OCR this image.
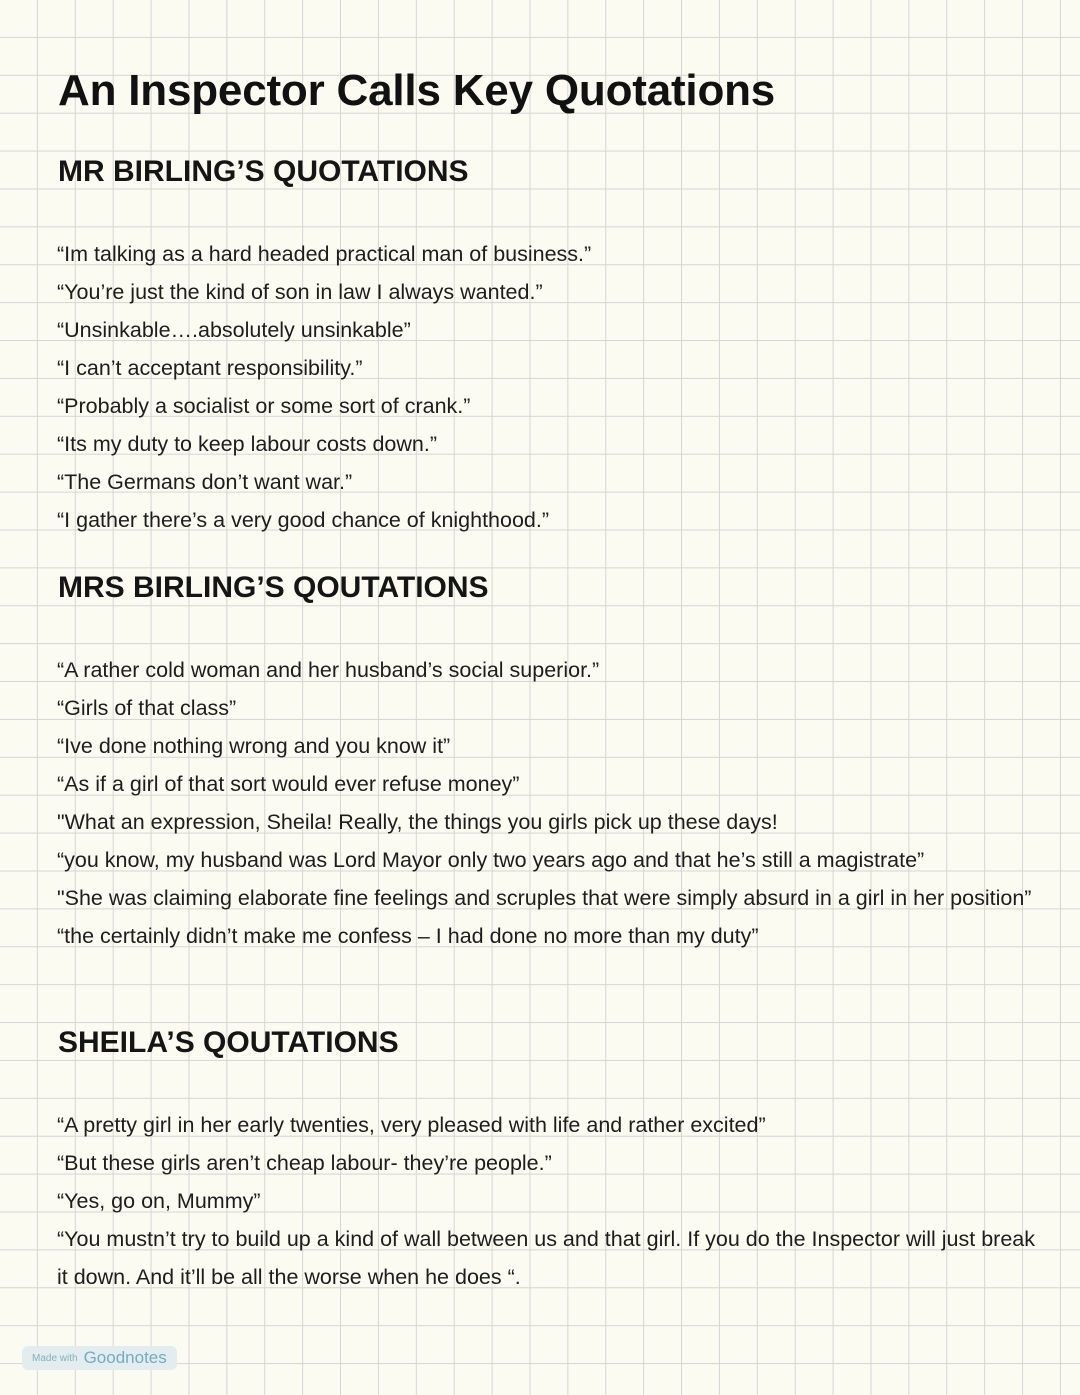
An Inspector Calls Key Quotations
MR BIRLING’S QUOTATIONS
“Im talking as a hard headed practical man of business.”
“You’re just the kind of son in law I always wanted.”
“Unsinkable….absolutely unsinkable”
“I can’t acceptant responsibility.”
“Probably a socialist or some sort of crank.”
“Its my duty to keep labour costs down.”
“The Germans don’t want war.”
“I gather there’s a very good chance of knighthood.”
MRS BIRLING’S QOUTATIONS
“A rather cold woman and her husband’s social superior.”
“Girls of that class”
“Ive done nothing wrong and you know it”
“As if a girl of that sort would ever refuse money”
"What an expression, Sheila! Really, the things you girls pick up these days!
“you know, my husband was Lord Mayor only two years ago and that he’s still a magistrate”
"She was claiming elaborate fine feelings and scruples that were simply absurd in a girl in her position”
“the certainly didn’t make me confess – I had done no more than my duty”
SHEILA’S QOUTATIONS
“A pretty girl in her early twenties, very pleased with life and rather excited”
“But these girls aren’t cheap labour- they’re people.”
“Yes, go on, Mummy”
“You mustn’t try to build up a kind of wall between us and that girl. If you do the Inspector will just break it down. And it’ll be all the worse when he does “.
Made with Goodnotes
